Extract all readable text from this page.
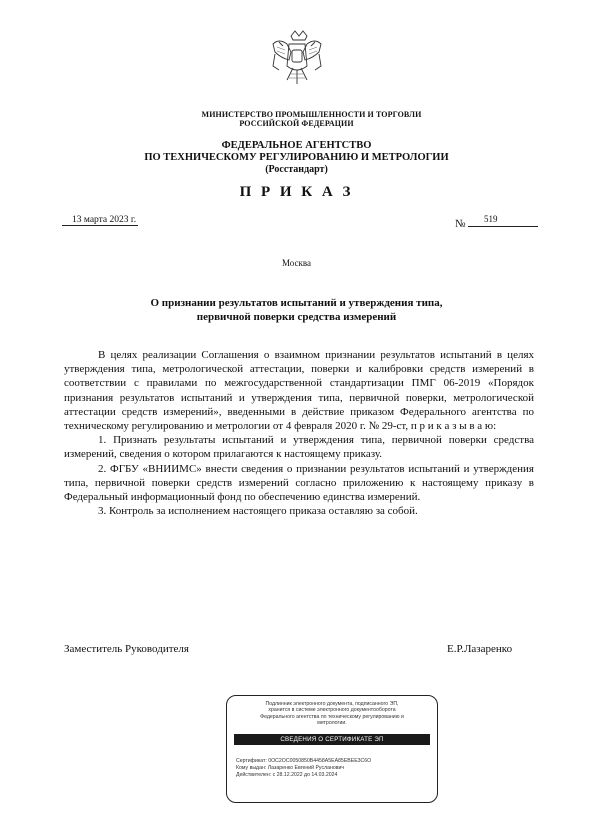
МИНИСТЕРСТВО ПРОМЫШЛЕННОСТИ И ТОРГОВЛИ
РОССИЙСКОЙ ФЕДЕРАЦИИ
ФЕДЕРАЛЬНОЕ АГЕНТСТВО
ПО ТЕХНИЧЕСКОМУ РЕГУЛИРОВАНИЮ И МЕТРОЛОГИИ
(Росстандарт)
П Р И К А З
13 марта 2023 г.	№ 519
Москва
О признании результатов испытаний и утверждения типа,
первичной поверки средства измерений

В целях реализации Соглашения о взаимном признании результатов испытаний в целях утверждения типа, метрологической аттестации, поверки и калибровки средств измерений в соответствии с правилами по межгосударственной стандартизации ПМГ 06-2019 «Порядок признания результатов испытаний и утверждения типа, первичной поверки, метрологической аттестации средств измерений», введенными в действие приказом Федерального агентства по техническому регулированию и метрологии от 4 февраля 2020 г. № 29-ст, п р и к а з ы в а ю:

1. Признать результаты испытаний и утверждения типа, первичной поверки средства измерений, сведения о котором прилагаются к настоящему приказу.

2. ФГБУ «ВНИИМС» внести сведения о признании результатов испытаний и утверждения типа, первичной поверки средств измерений согласно приложению к настоящему приказу в Федеральный информационный фонд по обеспечению единства измерений.

3. Контроль за исполнением настоящего приказа оставляю за собой.

Заместитель Руководителя	Е.Р.Лазаренко
Подлинник электронного документа, подписанного ЭП,
хранится в системе электронного документооборота
Федерального агентства по техническому регулированию и
метрологии.
СВЕДЕНИЯ О СЕРТИФИКАТЕ ЭП
Сертификат: 0ОС2ОС0050850В4458А5ЕА85ЕВЕЕ3С6О
Кому выдан: Лазаренко Евгений Русланович
Действителен: с 28.12.2022 до 14.03.2024
